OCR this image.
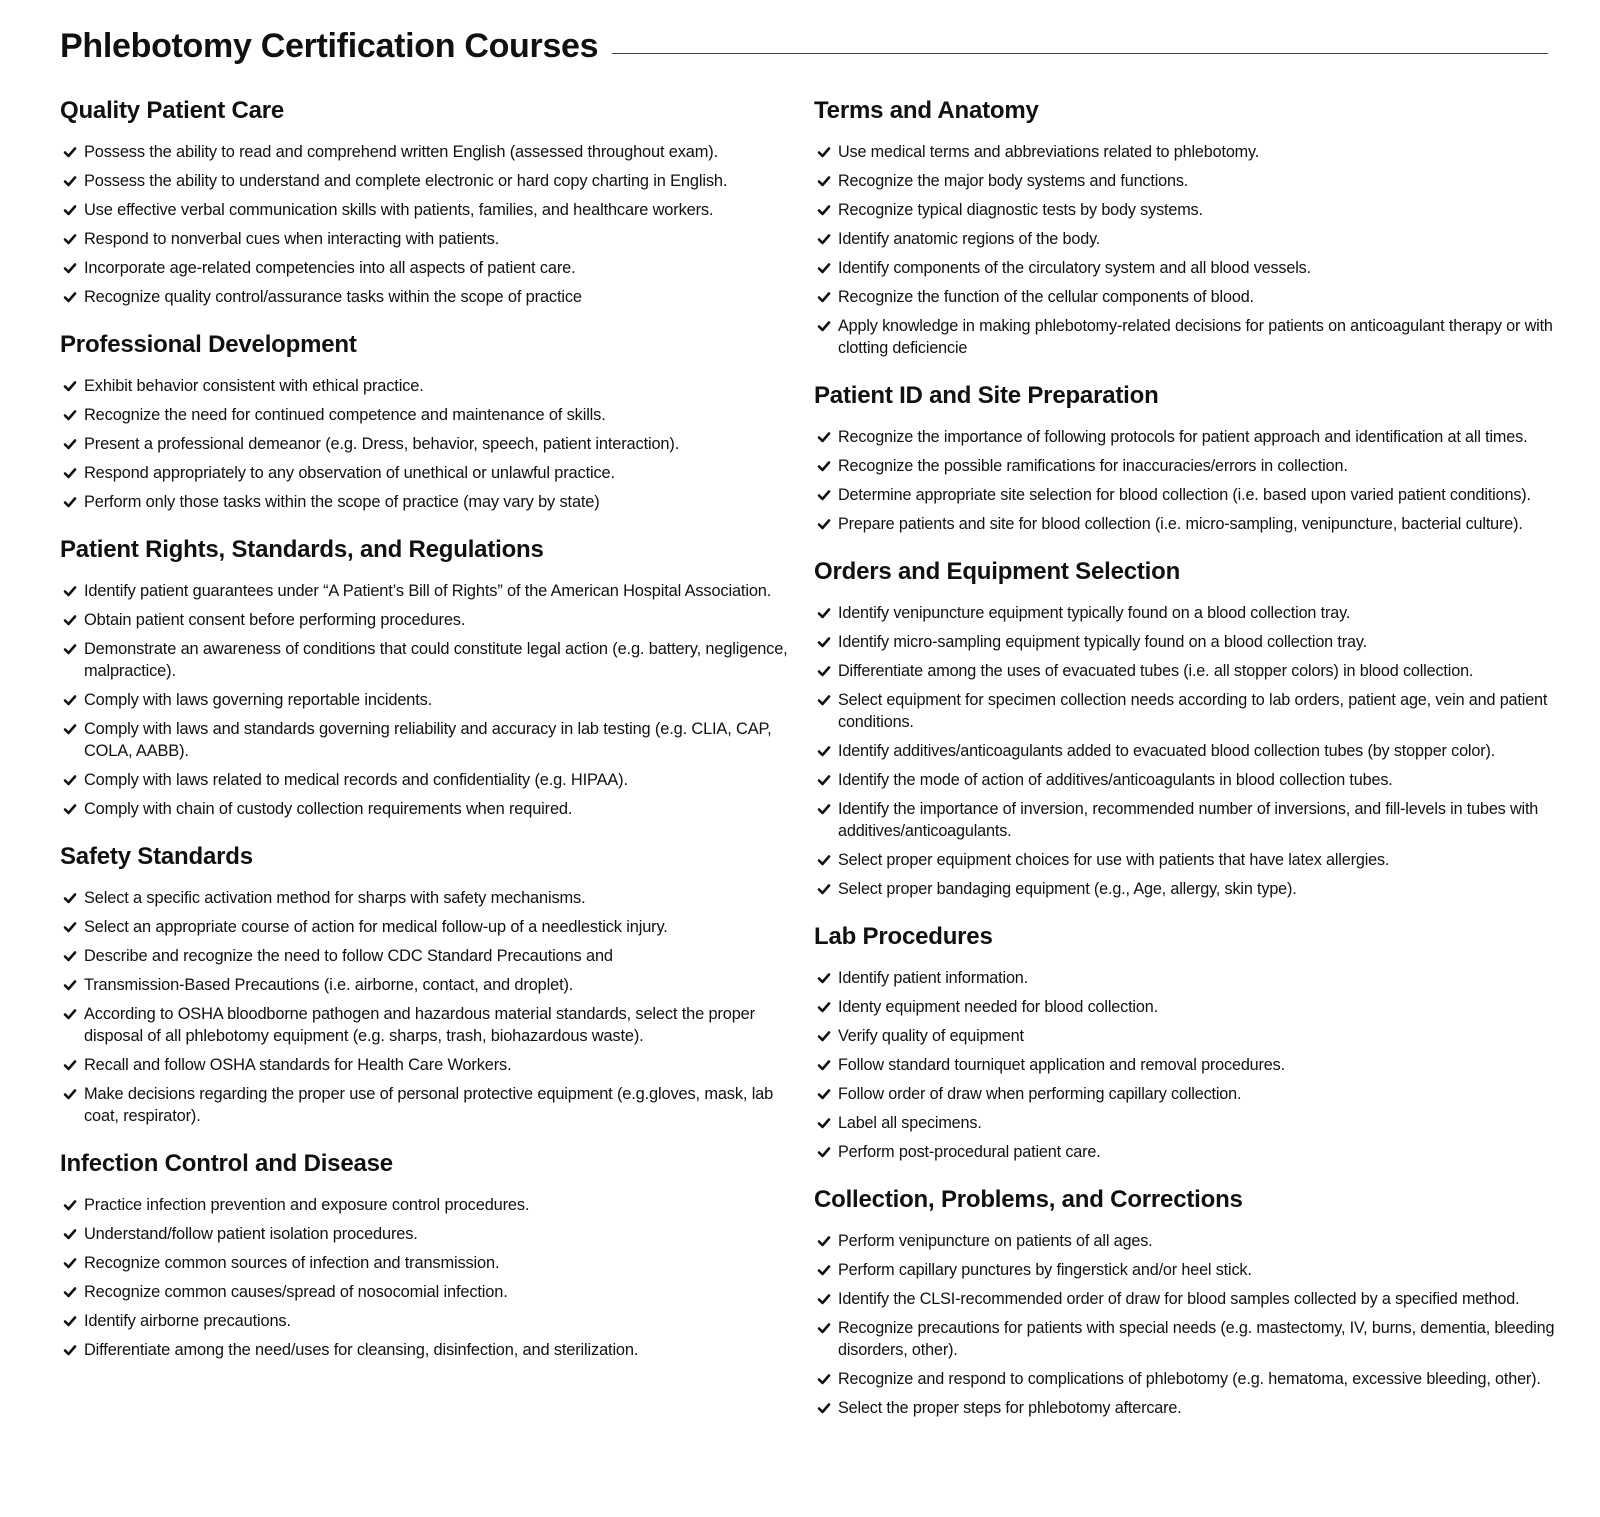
Phlebotomy Certification Courses
Quality Patient Care
Possess the ability to read and comprehend written English (assessed throughout exam).
Possess the ability to understand and complete electronic or hard copy charting in English.
Use effective verbal communication skills with patients, families, and healthcare workers.
Respond to nonverbal cues when interacting with patients.
Incorporate age-related competencies into all aspects of patient care.
Recognize quality control/assurance tasks within the scope of practice
Professional Development
Exhibit behavior consistent with ethical practice.
Recognize the need for continued competence and maintenance of skills.
Present a professional demeanor (e.g. Dress, behavior, speech, patient interaction).
Respond appropriately to any observation of unethical or unlawful practice.
Perform only those tasks within the scope of practice (may vary by state)
Patient Rights, Standards, and Regulations
Identify patient guarantees under “A Patient’s Bill of Rights” of the American Hospital Association.
Obtain patient consent before performing procedures.
Demonstrate an awareness of conditions that could constitute legal action (e.g. battery, negligence, malpractice).
Comply with laws governing reportable incidents.
Comply with laws and standards governing reliability and accuracy in lab testing (e.g. CLIA, CAP, COLA, AABB).
Comply with laws related to medical records and confidentiality (e.g. HIPAA).
Comply with chain of custody collection requirements when required.
Safety Standards
Select a specific activation method for sharps with safety mechanisms.
Select an appropriate course of action for medical follow-up of a needlestick injury.
Describe and recognize the need to follow CDC Standard Precautions and
Transmission-Based Precautions (i.e. airborne, contact, and droplet).
According to OSHA bloodborne pathogen and hazardous material standards, select the proper disposal of all phlebotomy equipment (e.g. sharps, trash, biohazardous waste).
Recall and follow OSHA standards for Health Care Workers.
Make decisions regarding the proper use of personal protective equipment (e.g.gloves, mask, lab coat, respirator).
Infection Control and Disease
Practice infection prevention and exposure control procedures.
Understand/follow patient isolation procedures.
Recognize common sources of infection and transmission.
Recognize common causes/spread of nosocomial infection.
Identify airborne precautions.
Differentiate among the need/uses for cleansing, disinfection, and sterilization.
Terms and Anatomy
Use medical terms and abbreviations related to phlebotomy.
Recognize the major body systems and functions.
Recognize typical diagnostic tests by body systems.
Identify anatomic regions of the body.
Identify components of the circulatory system and all blood vessels.
Recognize the function of the cellular components of blood.
Apply knowledge in making phlebotomy-related decisions for patients on anticoagulant therapy or with clotting deficiencie
Patient ID and Site Preparation
Recognize the importance of following protocols for patient approach and identification at all times.
Recognize the possible ramifications for inaccuracies/errors in collection.
Determine appropriate site selection for blood collection (i.e. based upon varied patient conditions).
Prepare patients and site for blood collection (i.e. micro-sampling, venipuncture, bacterial culture).
Orders and Equipment Selection
Identify venipuncture equipment typically found on a blood collection tray.
Identify micro-sampling equipment typically found on a blood collection tray.
Differentiate among the uses of evacuated tubes (i.e. all stopper colors) in blood collection.
Select equipment for specimen collection needs according to lab orders, patient age, vein and patient conditions.
Identify additives/anticoagulants added to evacuated blood collection tubes (by stopper color).
Identify the mode of action of additives/anticoagulants in blood collection tubes.
Identify the importance of inversion, recommended number of inversions, and fill-levels in tubes with additives/anticoagulants.
Select proper equipment choices for use with patients that have latex allergies.
Select proper bandaging equipment (e.g., Age, allergy, skin type).
Lab Procedures
Identify patient information.
Identy equipment needed for blood collection.
Verify quality of equipment
Follow standard tourniquet application and removal procedures.
Follow order of draw when performing capillary collection.
Label all specimens.
Perform post-procedural patient care.
Collection, Problems, and Corrections
Perform venipuncture on patients of all ages.
Perform capillary punctures by fingerstick and/or heel stick.
Identify the CLSI-recommended order of draw for blood samples collected by a specified method.
Recognize precautions for patients with special needs (e.g. mastectomy, IV, burns, dementia, bleeding disorders, other).
Recognize and respond to complications of phlebotomy (e.g. hematoma, excessive bleeding, other).
Select the proper steps for phlebotomy aftercare.
